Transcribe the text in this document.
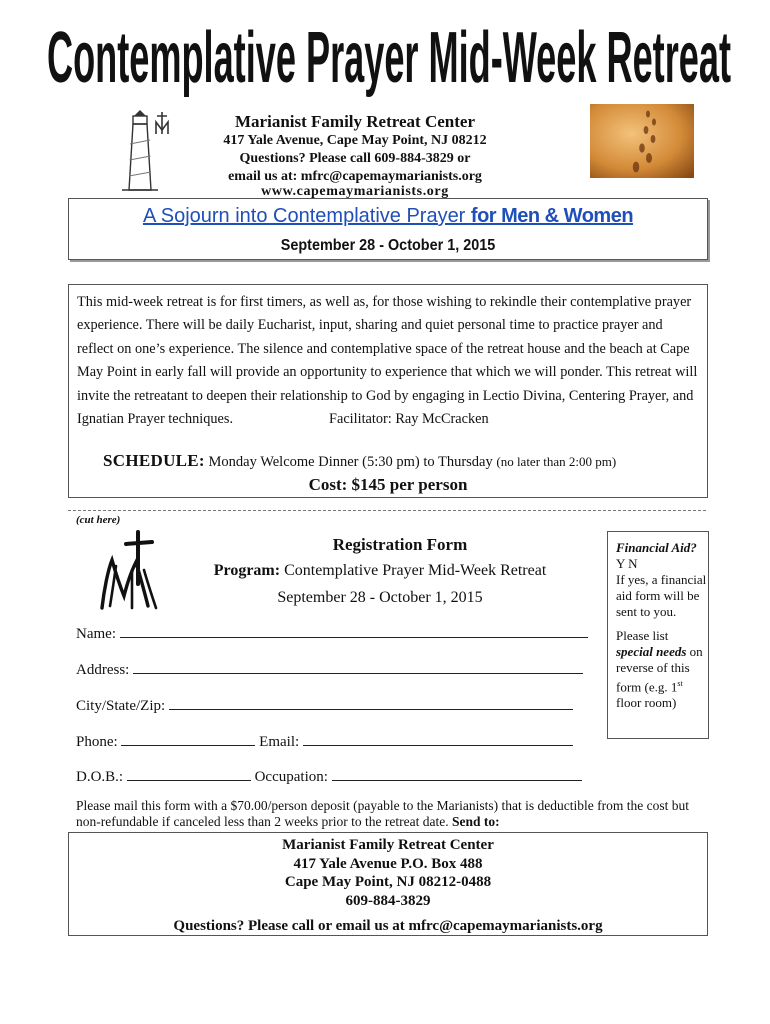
Contemplative Prayer Mid-Week Retreat
Marianist Family Retreat Center
417 Yale Avenue, Cape May Point, NJ 08212
Questions? Please call 609-884-3829 or
email us at: mfrc@capemaymarianists.org
www.capemaymarianists.org
A Sojourn into Contemplative Prayer for Men & Women
September 28 - October 1, 2015
This mid-week retreat is for first timers, as well as, for those wishing to rekindle their contemplative prayer experience. There will be daily Eucharist, input, sharing and quiet personal time to practice prayer and reflect on one’s experience. The silence and contemplative space of the retreat house and the beach at Cape May Point in early fall will provide an opportunity to experience that which we will ponder. This retreat will invite the retreatant to deepen their relationship to God by engaging in Lectio Divina, Centering Prayer, and Ignatian Prayer techniques.	Facilitator: Ray McCracken
SCHEDULE: Monday Welcome Dinner (5:30 pm) to Thursday (no later than 2:00 pm)
Cost: $145 per person
(cut here)
Registration Form
Program: Contemplative Prayer Mid-Week Retreat
September 28 - October 1, 2015
Name:
Address:
City/State/Zip:
Phone:	Email:
D.O.B.:	Occupation:

Financial Aid?

Y N

If yes, a financial aid form will be sent to you.

Please list special needs on reverse of this form (e.g. 1st floor room)

Please mail this form with a $70.00/person deposit (payable to the Marianists) that is deductible from the cost but non-refundable if canceled less than 2 weeks prior to the retreat date. Send to:
Marianist Family Retreat Center
417 Yale Avenue P.O. Box 488
Cape May Point, NJ 08212-0488
609-884-3829
Questions? Please call or email us at mfrc@capemaymarianists.org
